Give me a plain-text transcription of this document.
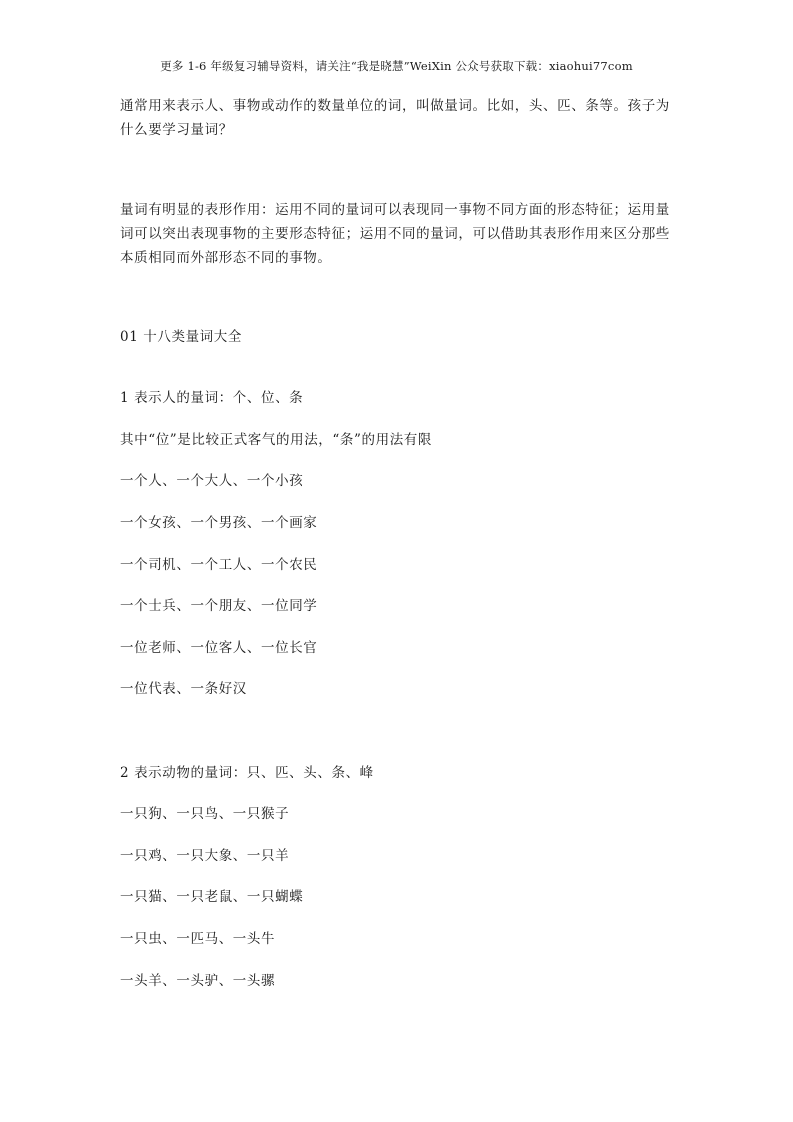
更多 1-6 年级复习辅导资料，请关注“我是晓慧”WeiXin 公众号获取下载：xiaohui77com

通常用来表示人、事物或动作的数量单位的词，叫做量词。比如，头、匹、条等。孩子为什么要学习量词？

量词有明显的表形作用：运用不同的量词可以表现同一事物不同方面的形态特征；运用量词可以突出表现事物的主要形态特征；运用不同的量词，可以借助其表形作用来区分那些本质相同而外部形态不同的事物。

01 十八类量词大全
1 表示人的量词：个、位、条
其中“位”是比较正式客气的用法，“条”的用法有限
一个人、一个大人、一个小孩
一个女孩、一个男孩、一个画家
一个司机、一个工人、一个农民
一个士兵、一个朋友、一位同学
一位老师、一位客人、一位长官
一位代表、一条好汉
2 表示动物的量词：只、匹、头、条、峰
一只狗、一只鸟、一只猴子
一只鸡、一只大象、一只羊
一只猫、一只老鼠、一只蝴蝶
一只虫、一匹马、一头牛
一头羊、一头驴、一头骡
